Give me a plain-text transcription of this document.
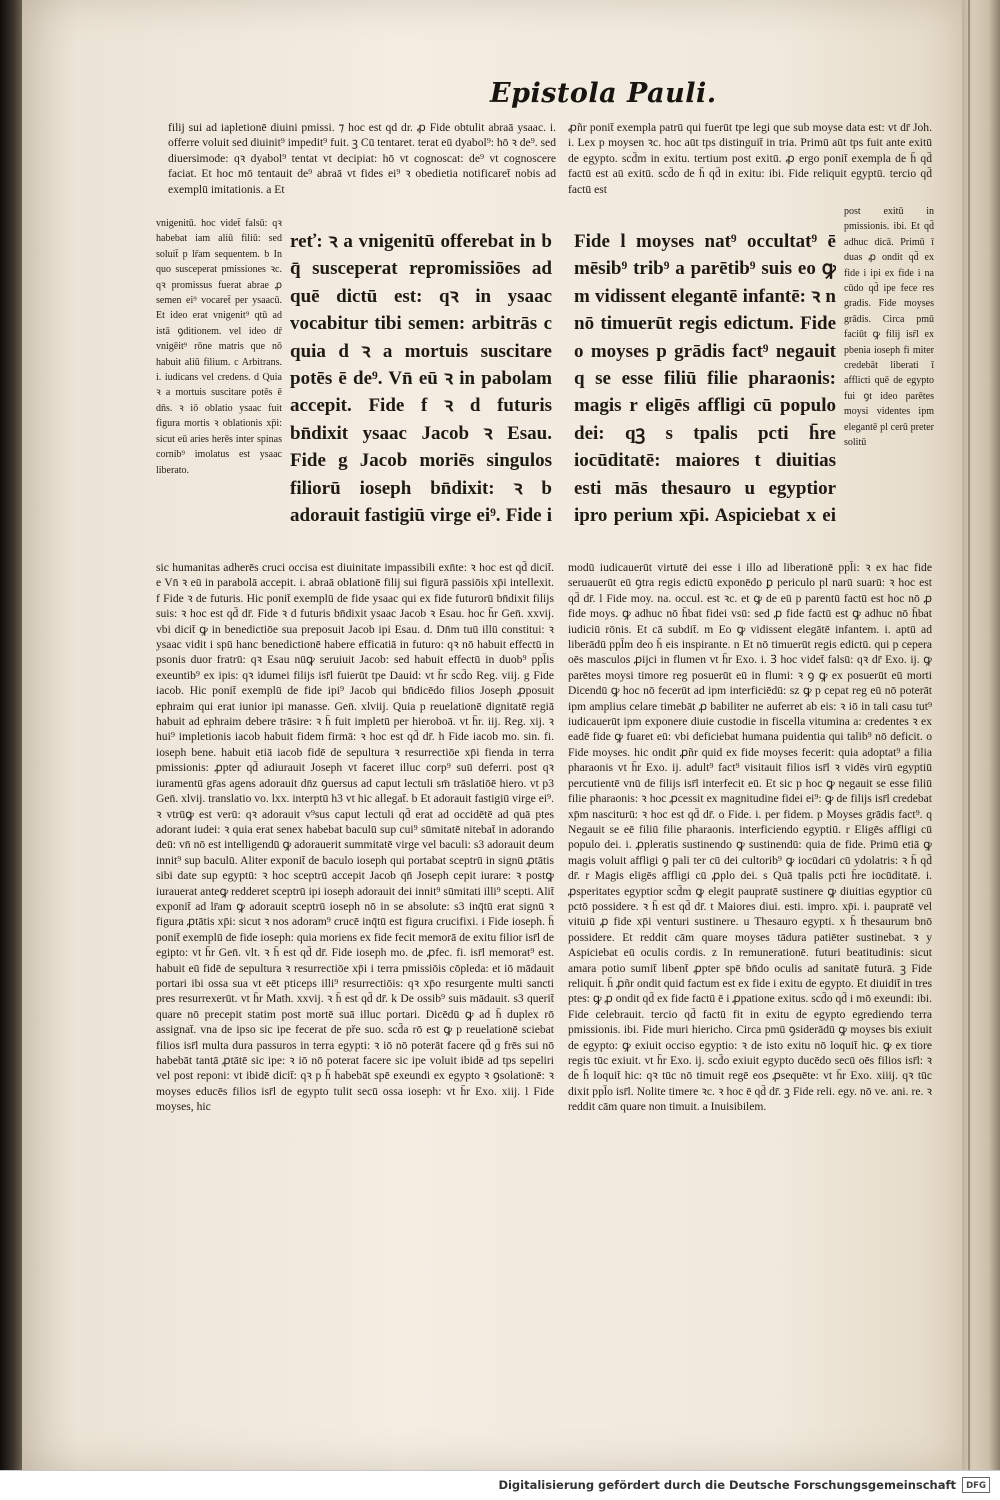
Epistola Pauli.

filij sui ad iapletionē diuini pmissi. ⁊ hoc est qd dr. ꝓ Fide obtulit abraā ysaac. i. offerre voluit sed diuinit⁹ impedit⁹ fuit. ꝫ Cū tentaret. terat eū dyabol⁹: hō ꝛ de⁹. sed diuersimode: qꝛ dyabol⁹ tentat vt decipiat: hō vt cognoscat: de⁹ vt cognoscere faciat. Et hoc mō tentauit de⁹ abraā vt fides ei⁹ ꝛ obedietia notificaret̄ nobis ad exemplū imitationis. a Et

vnigenitū. hoc videt̄ falsū: qꝛ habebat iam aliū filiū: sed soluit̄ p lr̄am sequentem. b In quo susceperat pmissiones ꝛc. qꝛ promissus fuerat abrae ꝓ semen ei⁹ vocaret̄ per ysaacū. Et ideo erat vnigenit⁹ qtū ad istā ꝯditionem. vel ideo dr̄ vnigēit⁹ rōne matris que nō habuit aliū filium. c Arbitrans. i. iudicans vel credens. d Quia ꝛ a mortuis suscitare potēs ē dn̄s. ꝛ iō oblatio ysaac fuit figura mortis ꝛ oblationis xp̄i: sicut eū aries herēs inter spinas cornib⁹ imolatus est ysaac liberato.

reť: ꝛ a vnigenitū offerebat in b q̄ susceperat repromissiōes ad quē dictū est: qꝛ in ysaac vocabitur tibi semen: arbitrās c quia d ꝛ a mortuis suscitare potēs ē de⁹. Vn̄ eū ꝛ in pabolam accepit. Fide f ꝛ d futuris bn̄dixit ysaac Jacob ꝛ Esau. Fide g Jacob moriēs singulos filiorū ioseph bn̄dixit: ꝛ b adorauit fastigiū virge ei⁹. Fide i

sic humanitas adherēs cruci occisa est diuinitate impassibili exn̄te: ꝛ hoc est qd̄ dicit̄. e Vn̄ ꝛ eū in parabolā accepit. i. abraā oblationē filij sui figurā passiōis xp̄i intellexit. f Fide ꝛ de futuris. Hic ponit̄ exemplū de fide ysaac qui ex fide futurorū bn̄dixit filijs suis: ꝛ hoc est qd̄ dr̄. Fide ꝛ d futuris bn̄dixit ysaac Jacob ꝛ Esau. hoc h̄r Gen̄. xxvij. vbi dicit̄ ꝙ in benedictiōe sua preposuit Jacob ipi Esau. d. Dn̄m tuū illū constitui: ꝛ ysaac vidit i spū hanc benedictionē habere efficatiā in futuro: qꝛ nō habuit effectū in psonis duor fratrū: qꝛ Esau nūꝙ seruiuit Jacob: sed habuit effectū in duob⁹ ppl̄is exeuntib⁹ ex ipis: qꝛ idumei filijs isr̄l fuierūt tpe Dauid: vt h̄r scd̄o Reg. viij. g Fide iacob. Hic ponit̄ exemplū de fide ipi⁹ Jacob qui bn̄dicēdo filios Joseph ꝓposuit ephraim qui erat iunior ipi manasse. Gen̄. xlviij. Quia p reuelationē dignitatē regiā habuit ad ephraim debere trāsire: ꝛ h̄ fuit impletū per hieroboā. vt h̄r. iij. Reg. xij. ꝛ hui⁹ impletionis iacob habuit fidem firmā: ꝛ hoc est qd̄ dr̄. h Fide iacob mo. sin. fi. ioseph bene. habuit etiā iacob fidē de sepultura ꝛ resurrectiōe xp̄i fienda in terra pmissionis: ꝓpter qd̄ adiurauit Joseph vt faceret illuc corp⁹ suū deferri. post qꝛ iuramentū gr̄as agens adorauit dn̄z ꝯuersus ad caput lectuli sm̄ trāslatiōē hiero. vt p3 Gen̄. xlvij. translatio vo. lxx. interptū h3 vt hic allegat̄. b Et adorauit fastigiū virge ei⁹. ꝛ vtrūꝙ est verū: qꝛ adorauit v⁹sus caput lectuli qd̄ erat ad occidētē ad quā ptes adorant iudei: ꝛ quia erat senex habebat baculū sup cui⁹ sūmitatē nitebat̄ in adorando deū: vn̄ nō est intelligendū ꝙ adorauerit summitatē virge vel baculi: s3 adorauit deum innit⁹ sup baculū. Aliter exponit̄ de baculo ioseph qui portabat sceptrū in signū ꝓtātis sibi date sup egyptū: ꝛ hoc sceptrū accepit Jacob qn̄ Joseph cepit iurare: ꝛ postꝙ iurauerat anteꝙ redderet sceptrū ipi ioseph adorauit dei innit⁹ sūmitati illi⁹ scepti. Alit̄ exponit̄ ad lr̄am ꝙ adorauit sceptrū ioseph nō in se absolute: s3 inq̄tū erat signū ꝛ figura ꝓtātis xp̄i: sicut ꝛ nos adoram⁹ crucē inq̄tū est figura crucifixi. i Fide ioseph. h̄ ponit̄ exemplū de fide ioseph: quia moriens ex fide fecit memorā de exitu filior isr̄l de egipto: vt h̄r Gen̄. vlt. ꝛ h̄ est qd̄ dr̄. Fide ioseph mo. de ꝓfec. fi. isr̄l memorat⁹ est. habuit eū fidē de sepultura ꝛ resurrectiōe xp̄i i terra pmissiōis cōpleda: et iō mādauit portari ibi ossa sua vt eēt pticeps illi⁹ resurrectiōis: qꝛ xp̄o resurgente multi sancti pres resurrexerūt. vt h̄r Math. xxvij. ꝛ h̄ est qd̄ dr̄. k De ossib⁹ suis mādauit. s3 querit̄ quare nō precepit statim post mortē suā illuc portari. Dicēdū ꝙ ad h̄ duplex rō assignat̄. vna de ipso sic ipe fecerat de pře suo. scd̄a rō est ꝙ p reuelationē sciebat filios isr̄l multa dura passuros in terra egypti: ꝛ iō nō poterāt facere qd̄ ɡ frēs sui nō habebāt tantā ꝓtātē sic ipe: ꝛ iō nō poterat facere sic ipe voluit ibidē ad tps sepeliri vel post reponi: vt ibidē dicit̄: qꝛ p h̄ habebāt spē exeundi ex egypto ꝛ ꝯsolationē: ꝛ moyses educēs filios isr̄l de egypto tulit secū ossa ioseph: vt h̄r Exo. xiij. l Fide moyses, hic

ꝓñr ponit̄ exempla patrū qui fuerūt tpe legi que sub moyse data est: vt dr̄ Joh. i. Lex p moysen ꝛc. hoc aūt tps distinguit̄ in tria. Primū aūt tps fuit ante exitū de egypto. scd̄m in exitu. tertium post exitū. ꝓ ergo ponit̄ exempla de h̄ qd̄ factū est aū exitū. scd̄o de h̄ qd̄ in exitu: ibi. Fide reliquit egyptū. tercio qd̄ factū est

Fide l moyses nat⁹ occultat⁹ ē mēsib⁹ trib⁹ a parētib⁹ suis eo ꝙ m vidissent elegantē infantē: ꝛ n nō timuerūt regis edictum. Fide o moyses p grādis fact⁹ negauit q se esse filiū filie pharaonis: magis r eligēs affligi cū populo dei: qꝫ s tpalis pcti h̄re iocūditatē: maiores t diuitias esti mās thesauro u egyptior ipro perium xp̄i. Aspiciebat x ei

post exitū in pmissionis. ibi. Et qd̄ adhuc dicā. Primū ī duas ꝓ ondit qd̄ ex fide i ipi ex fide i na cūdo qd̄ ipe fece res gradis. Fide moyses grādis. Circa pmū faciūt ꝙ filij isr̄l ex pbenia ioseph fi miter credebāt liberati ī afflicti quē de egypto fui ꝯt ideo parētes moysi videntes ipm elegantē pl cerū preter solitū

modū iudicauerūt virtutē dei esse i illo ad liberationē ppl̄i: ꝛ ex hac fide seruauerūt eū ꝯtra regis edictū exponēdo ꝑ periculo pl narū suarū: ꝛ hoc est qd̄ dr̄. l Fide moy. na. occul. est ꝛc. et ꝙ de eū p parentū factū est hoc nō ꝓ fide moys. ꝙ adhuc nō h̄bat fidei vsū: sed ꝓ fide factū est ꝙ adhuc nō h̄bat iudiciū rōnis. Et cā subdit̄. m Eo ꝙ vidissent elegātē infantem. i. aptū ad liberādū ppl̄m deo h̄ eis inspirante. n Et nō timuerūt regis edictū. qui p cepera oēs masculos ꝓijci in flumen vt h̄r Exo. i. Ꝫ hoc videt̄ falsū: qꝛ dr̄ Exo. ij. ꝙ parētes moysi timore reg posuerūt eū in flumi: ꝛ ꝯ ꝙ ex posuerūt eū morti Dicendū ꝙ hoc nō fecerūt ad ipm interficiēdū: sz ꝙ p cepat reg eū nō poterāt ipm amplius celare timebāt ꝓ babiliter ne auferret ab eis: ꝛ iō in tali casu tut⁹ iudicauerūt ipm exponere diuie custodie in fiscella vitumina a: credentes ꝛ ex eadē fide ꝙ fuaret eū: vbi deficiebat humana puidentia qui talib⁹ nō deficit. o Fide moyses. hic ondit ꝓñr quid ex fide moyses fecerit: quia adoptat⁹ a filia pharaonis vt h̄r Exo. ij. adult⁹ fact⁹ visitauit filios isr̄l ꝛ vidēs virū egyptiū percutientē vnū de filijs isr̄l interfecit eū. Et sic p hoc ꝙ negauit se esse filiū filie pharaonis: ꝛ hoc ꝓcessit ex magnitudine fidei ei⁹: ꝙ de filijs isr̄l credebat xp̄m nasciturū: ꝛ hoc est qd̄ dr̄. o Fide. i. per fidem. p Moyses grādis fact⁹. q Negauit se eē filiū filie pharaonis. interficiendo egyptiū. r Eligēs affligi cū populo dei. i. ꝓpleratis sustinendo ꝙ sustinendū: quia de fide. Primū etiā ꝙ magis voluit affligi ꝯ pali ter cū dei cultorib⁹ ꝙ iocūdari cū ydolatris: ꝛ h̄ qd̄ dr̄. r Magis eligēs affligi cū ꝓplo dei. s Quā tpalis pcti h̄re iocūditatē. i. ꝓsperitates egyptior scd̄m ꝙ elegit paupratē sustinere ꝙ diuitias egyptior cū pctō possidere. ꝛ h̄ est qd̄ dr̄. t Maiores diui. esti. impro. xp̄i. i. paupratē vel vituiū ꝓ fide xp̄i venturi sustinere. u Thesauro egypti. x h̄ thesaurum bnō possidere. Et reddit cām quare moyses tādura patiēter sustinebat. ꝛ y Aspiciebat eū oculis cordis. z In remunerationē. futuri beatitudinis: sicut amara potio sumit̄ libent̄ ꝓpter spē bn̄do oculis ad sanitatē futurā. ꝫ Fide reliquit. h̄ ꝓñr ondit quid factum est ex fide i exitu de egypto. Et diuidit̄ in tres ptes: ꝙ ꝓ ondit qd̄ ex fide factū ē i ꝓpatione exitus. scd̄o qd̄ i mō exeundi: ibi. Fide celebrauit. tercio qd̄ factū fit in exitu de egypto egrediendo terra pmissionis. ibi. Fide muri hiericho. Circa pmū ꝯsiderādū ꝙ moyses bis exiuit de egypto: ꝙ exiuit occiso egyptio: ꝛ de isto exitu nō loquit̄ hic. ꝙ ex tiore regis tūc exiuit. vt h̄r Exo. ij. scd̄o exiuit egypto ducēdo secū oēs filios isr̄l: ꝛ de h̄ loquit̄ hic: qꝛ tūc nō timuit regē eos ꝓsequēte: vt h̄r Exo. xiiij. qꝛ tūc dixit ppl̄o isr̄l. Nolite timere ꝛc. ꝛ hoc ē qd̄ dr̄. ꝫ Fide reli. egy. nō ve. ani. re. ꝛ reddit cām quare non timuit. a Inuisibilem.

Digitalisierung gefördert durch die Deutsche Forschungsgemeinschaft	DFG
